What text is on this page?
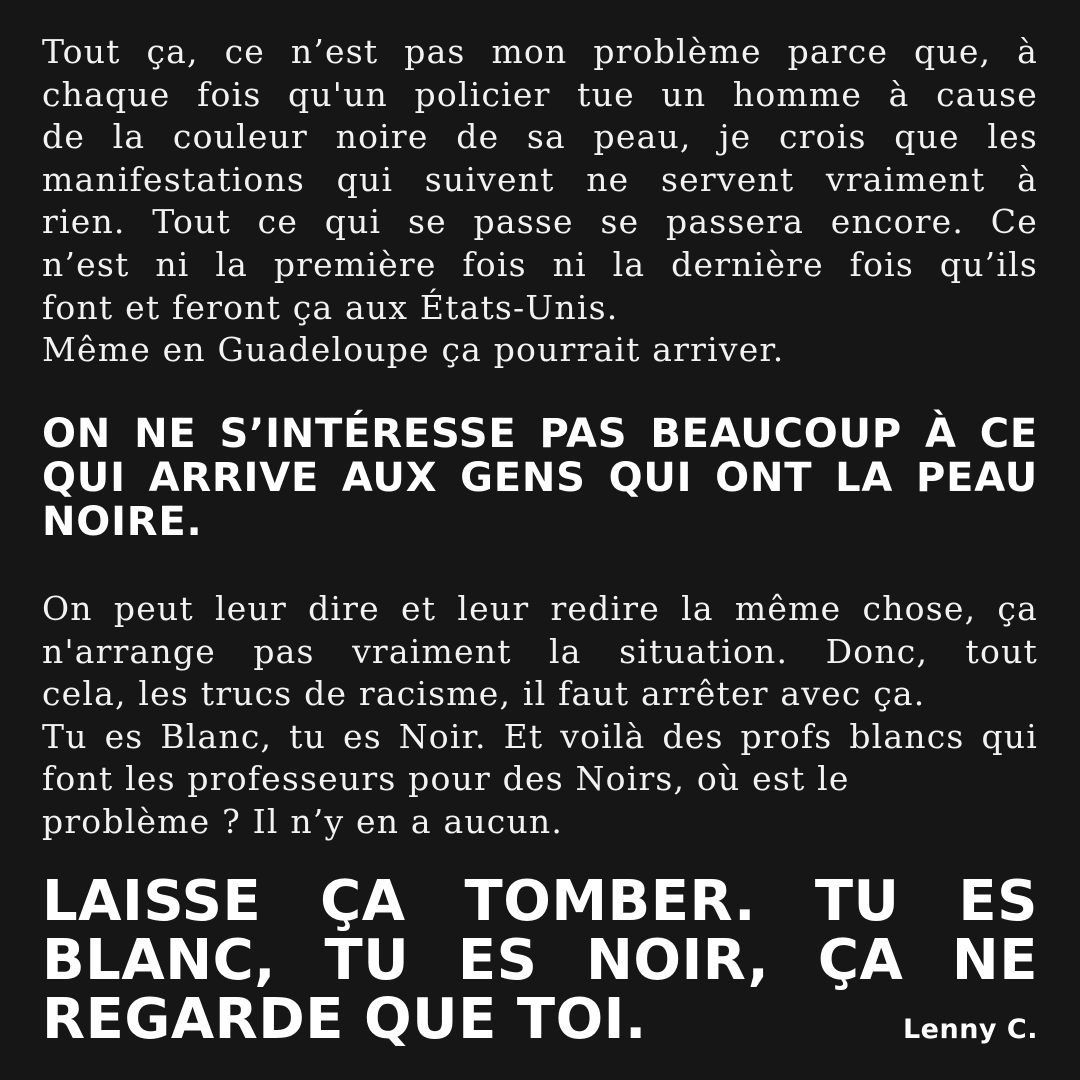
Tout ça, ce n’est pas mon problème parce que, à
chaque fois qu'un policier tue un homme à cause
de la couleur noire de sa peau, je crois que les
manifestations qui suivent ne servent vraiment à
rien. Tout ce qui se passe se passera encore. Ce
n’est ni la première fois ni la dernière fois qu’ils
font et feront ça aux États-Unis.
Même en Guadeloupe ça pourrait arriver.
ON NE S’INTÉRESSE PAS BEAUCOUP À CE
QUI ARRIVE AUX GENS QUI ONT LA PEAU
NOIRE.
On peut leur dire et leur redire la même chose, ça
n'arrange pas vraiment la situation. Donc, tout
cela, les trucs de racisme, il faut arrêter avec ça.
Tu es Blanc, tu es Noir. Et voilà des profs blancs qui
font les professeurs pour des Noirs, où est le
problème ? Il n’y en a aucun.
LAISSE ÇA TOMBER. TU ES
BLANC, TU ES NOIR, ÇA NE
REGARDE QUE TOI.	Lenny C.
